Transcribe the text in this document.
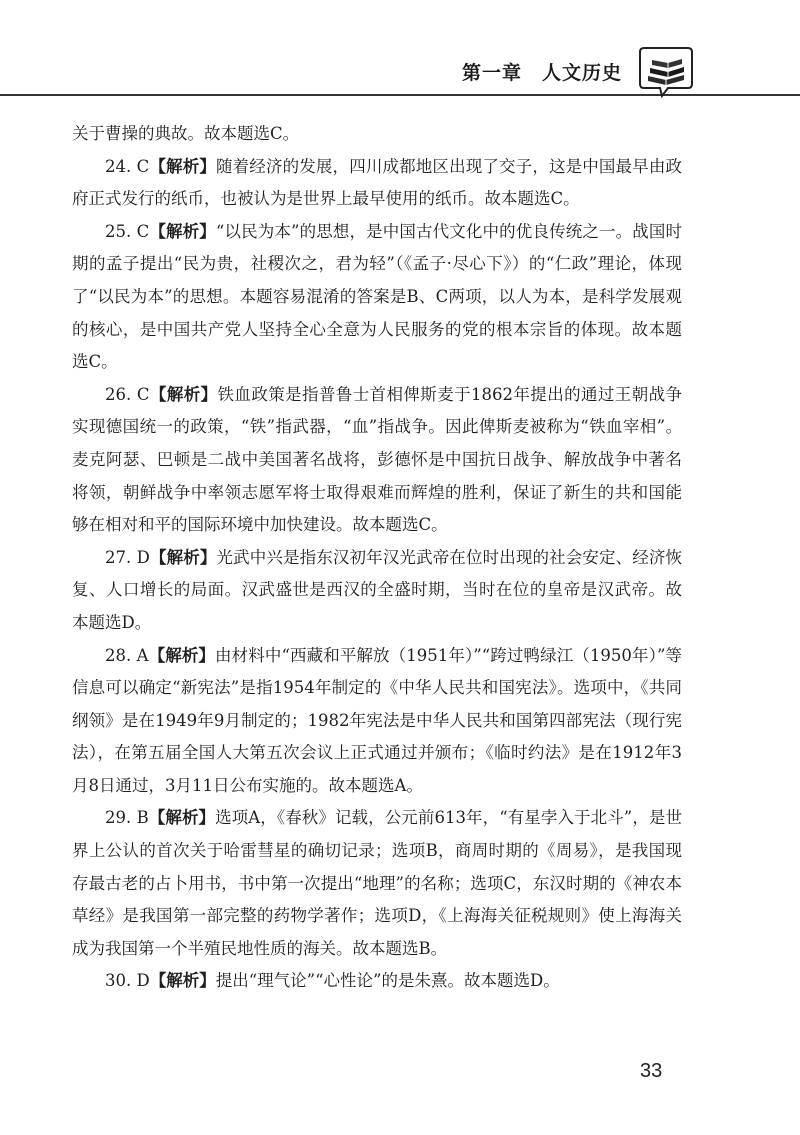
第一章　人文历史

关于曹操的典故。故本题选C。

24. C【解析】随着经济的发展，四川成都地区出现了交子，这是中国最早由政府正式发行的纸币，也被认为是世界上最早使用的纸币。故本题选C。

25. C【解析】“以民为本”的思想，是中国古代文化中的优良传统之一。战国时期的孟子提出“民为贵，社稷次之，君为轻”（《孟子·尽心下》）的“仁政”理论，体现了“以民为本”的思想。本题容易混淆的答案是B、C两项，以人为本，是科学发展观的核心，是中国共产党人坚持全心全意为人民服务的党的根本宗旨的体现。故本题选C。

26. C【解析】铁血政策是指普鲁士首相俾斯麦于1862年提出的通过王朝战争实现德国统一的政策，“铁”指武器，“血”指战争。因此俾斯麦被称为“铁血宰相”。麦克阿瑟、巴顿是二战中美国著名战将，彭德怀是中国抗日战争、解放战争中著名将领，朝鲜战争中率领志愿军将士取得艰难而辉煌的胜利，保证了新生的共和国能够在相对和平的国际环境中加快建设。故本题选C。

27. D【解析】光武中兴是指东汉初年汉光武帝在位时出现的社会安定、经济恢复、人口增长的局面。汉武盛世是西汉的全盛时期，当时在位的皇帝是汉武帝。故本题选D。

28. A【解析】由材料中“西藏和平解放（1951年）”“跨过鸭绿江（1950年）”等信息可以确定“新宪法”是指1954年制定的《中华人民共和国宪法》。选项中，《共同纲领》是在1949年9月制定的；1982年宪法是中华人民共和国第四部宪法（现行宪法），在第五届全国人大第五次会议上正式通过并颁布；《临时约法》是在1912年3月8日通过，3月11日公布实施的。故本题选A。

29. B【解析】选项A，《春秋》记载，公元前613年，“有星孛入于北斗”，是世界上公认的首次关于哈雷彗星的确切记录；选项B，商周时期的《周易》，是我国现存最古老的占卜用书，书中第一次提出“地理”的名称；选项C，东汉时期的《神农本草经》是我国第一部完整的药物学著作；选项D，《上海海关征税规则》使上海海关成为我国第一个半殖民地性质的海关。故本题选B。

30. D【解析】提出“理气论”“心性论”的是朱熹。故本题选D。

33
